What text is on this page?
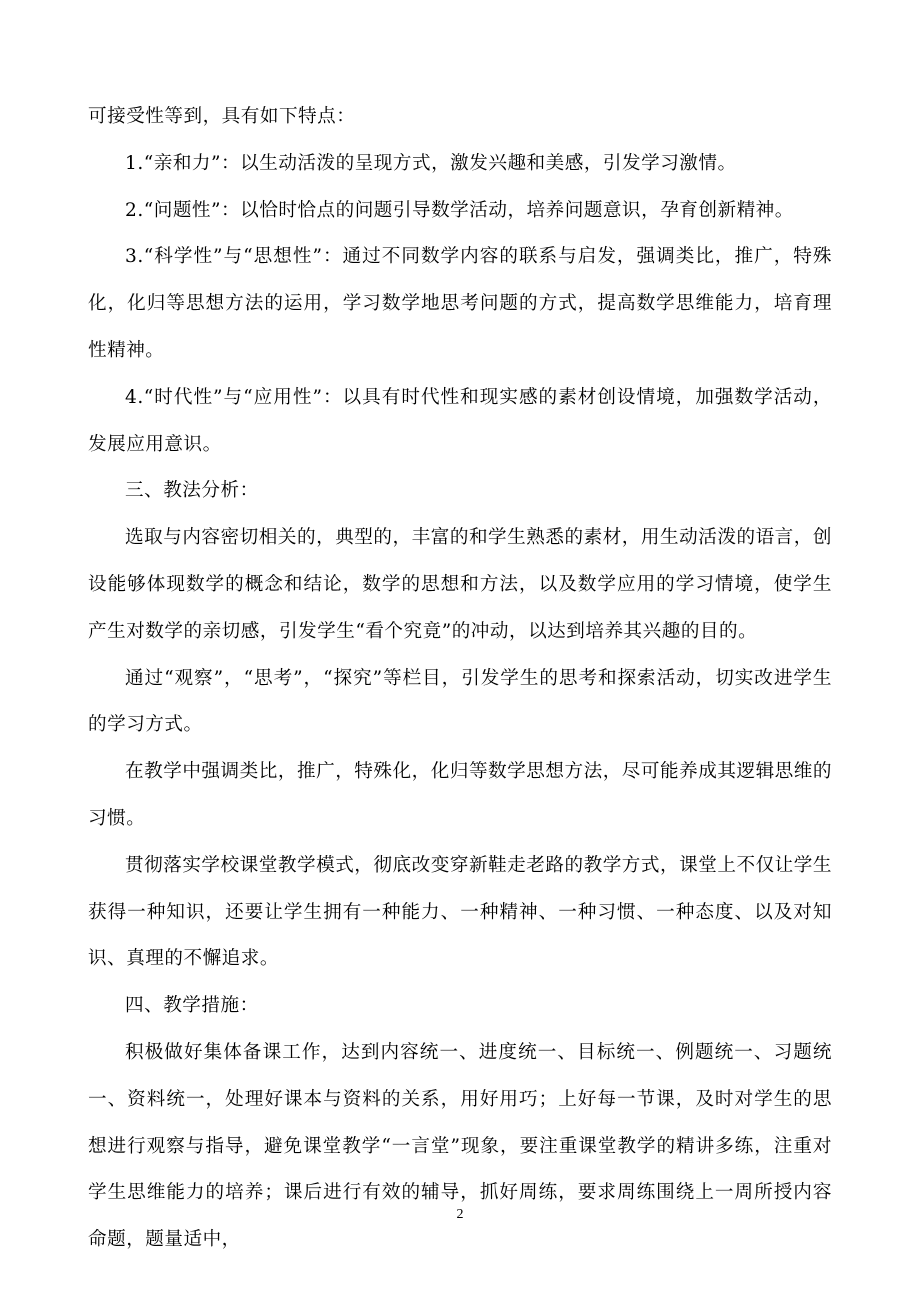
可接受性等到，具有如下特点：

1.“亲和力”：以生动活泼的呈现方式，激发兴趣和美感，引发学习激情。

2.“问题性”：以恰时恰点的问题引导数学活动，培养问题意识，孕育创新精神。

3.“科学性”与“思想性”：通过不同数学内容的联系与启发，强调类比，推广，特殊化，化归等思想方法的运用，学习数学地思考问题的方式，提高数学思维能力，培育理性精神。

4.“时代性”与“应用性”：以具有时代性和现实感的素材创设情境，加强数学活动，发展应用意识。

三、教法分析：

选取与内容密切相关的，典型的，丰富的和学生熟悉的素材，用生动活泼的语言，创设能够体现数学的概念和结论，数学的思想和方法，以及数学应用的学习情境，使学生产生对数学的亲切感，引发学生“看个究竟”的冲动，以达到培养其兴趣的目的。

通过“观察”，“思考”，“探究”等栏目，引发学生的思考和探索活动，切实改进学生的学习方式。

在教学中强调类比，推广，特殊化，化归等数学思想方法，尽可能养成其逻辑思维的习惯。

贯彻落实学校课堂教学模式，彻底改变穿新鞋走老路的教学方式，课堂上不仅让学生获得一种知识，还要让学生拥有一种能力、一种精神、一种习惯、一种态度、以及对知识、真理的不懈追求。

四、教学措施：

积极做好集体备课工作，达到内容统一、进度统一、目标统一、例题统一、习题统一、资料统一，处理好课本与资料的关系，用好用巧；上好每一节课，及时对学生的思想进行观察与指导，避免课堂教学“一言堂”现象，要注重课堂教学的精讲多练，注重对学生思维能力的培养；课后进行有效的辅导，抓好周练，要求周练围绕上一周所授内容命题，题量适中，

2
